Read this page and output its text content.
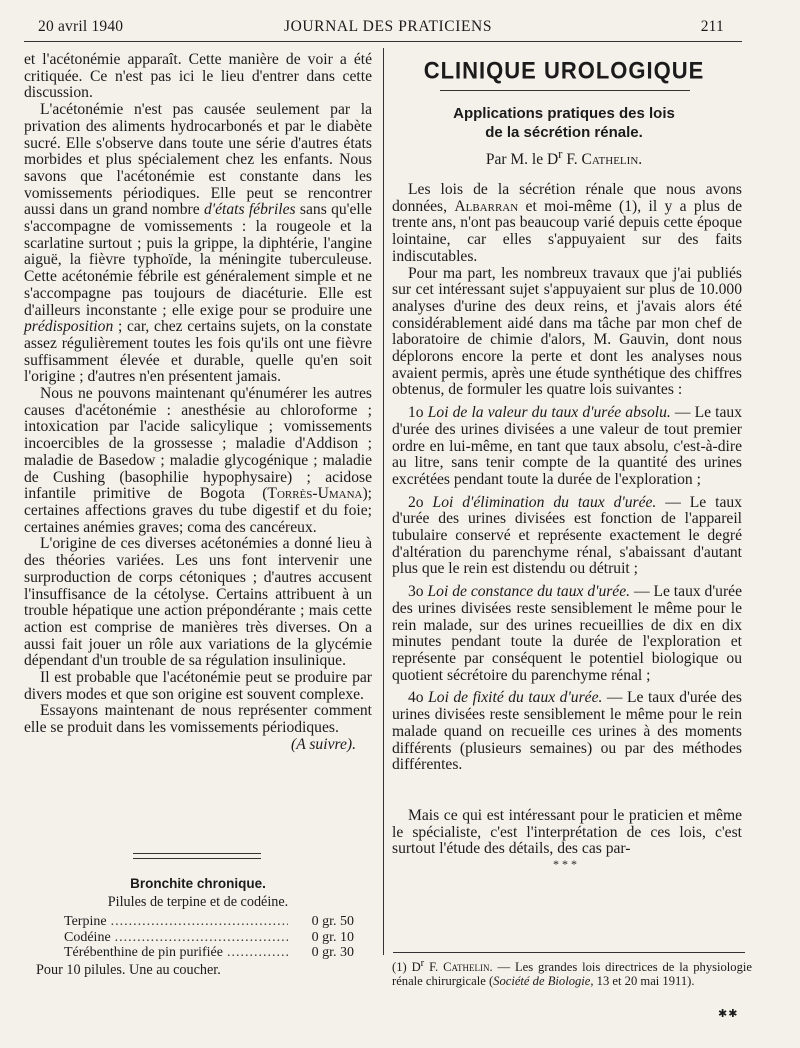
20 avril 1940	JOURNAL DES PRATICIENS	211

et l'acétonémie apparaît. Cette manière de voir a été critiquée. Ce n'est pas ici le lieu d'entrer dans cette discussion.

L'acétonémie n'est pas causée seulement par la privation des aliments hydrocarbonés et par le diabète sucré. Elle s'observe dans toute une série d'autres états morbides et plus spécialement chez les enfants. Nous savons que l'acétonémie est constante dans les vomissements périodiques. Elle peut se rencontrer aussi dans un grand nombre d'états fébriles sans qu'elle s'accompagne de vomissements : la rougeole et la scarlatine surtout ; puis la grippe, la diphtérie, l'angine aiguë, la fièvre typhoïde, la méningite tuberculeuse. Cette acétonémie fébrile est généralement simple et ne s'accompagne pas toujours de diacéturie. Elle est d'ailleurs inconstante ; elle exige pour se produire une prédisposition ; car, chez certains sujets, on la constate assez régulièrement toutes les fois qu'ils ont une fièvre suffisamment élevée et durable, quelle qu'en soit l'origine ; d'autres n'en présentent jamais.

Nous ne pouvons maintenant qu'énumérer les autres causes d'acétonémie : anesthésie au chloroforme ; intoxication par l'acide salicylique ; vomissements incoercibles de la grossesse ; maladie d'Addison ; maladie de Basedow ; maladie glycogénique ; maladie de Cushing (basophilie hypophysaire) ; acidose infantile primitive de Bogota (Torrès-Umana); certaines affections graves du tube digestif et du foie; certaines anémies graves; coma des cancéreux.

L'origine de ces diverses acétonémies a donné lieu à des théories variées. Les uns font intervenir une surproduction de corps cétoniques ; d'autres accusent l'insuffisance de la cétolyse. Certains attribuent à un trouble hépatique une action prépondérante ; mais cette action est comprise de manières très diverses. On a aussi fait jouer un rôle aux variations de la glycémie dépendant d'un trouble de sa régulation insulinique.

Il est probable que l'acétonémie peut se produire par divers modes et que son origine est souvent complexe.

Essayons maintenant de nous représenter comment elle se produit dans les vomissements périodiques.
(A suivre).

Bronchite chronique.
Pilules de terpine et de codéine.
Terpine .....	0 gr. 50
Codéine .....	0 gr. 10
Térébenthine de pin purifiée .....	0 gr. 30
Pour 10 pilules. Une au coucher.
CLINIQUE UROLOGIQUE
Applications pratiques des lois
de la sécrétion rénale.
Par M. le $D^r$ F. Cathelin.

Les lois de la sécrétion rénale que nous avons données, Albarran et moi-même (1), il y a plus de trente ans, n'ont pas beaucoup varié depuis cette époque lointaine, car elles s'appuyaient sur des faits indiscutables.

Pour ma part, les nombreux travaux que j'ai publiés sur cet intéressant sujet s'appuyaient sur plus de 10.000 analyses d'urine des deux reins, et j'avais alors été considérablement aidé dans ma tâche par mon chef de laboratoire de chimie d'alors, M. Gauvin, dont nous déplorons encore la perte et dont les analyses nous avaient permis, après une étude synthétique des chiffres obtenus, de formuler les quatre lois suivantes :

1o Loi de la valeur du taux d'urée absolu. — Le taux d'urée des urines divisées a une valeur de tout premier ordre en lui-même, en tant que taux absolu, c'est-à-dire au litre, sans tenir compte de la quantité des urines excrétées pendant toute la durée de l'exploration ;

2o Loi d'élimination du taux d'urée. — Le taux d'urée des urines divisées est fonction de l'appareil tubulaire conservé et représente exactement le degré d'altération du parenchyme rénal, s'abaissant d'autant plus que le rein est distendu ou détruit ;

3o Loi de constance du taux d'urée. — Le taux d'urée des urines divisées reste sensiblement le même pour le rein malade, sur des urines recueillies de dix en dix minutes pendant toute la durée de l'exploration et représente par conséquent le potentiel biologique ou quotient sécrétoire du parenchyme rénal ;

4o Loi de fixité du taux d'urée. — Le taux d'urée des urines divisées reste sensiblement le même pour le rein malade quand on recueille ces urines à des moments différents (plusieurs semaines) ou par des méthodes différentes.

Mais ce qui est intéressant pour le praticien et même le spécialiste, c'est l'interprétation de ces lois, c'est surtout l'étude des détails, des cas par-

* * *
(1) $D^r$ F. Cathelin. — Les grandes lois directrices de la physiologie rénale chirurgicale (Société de Biologie, 13 et 20 mai 1911).
✱✱
